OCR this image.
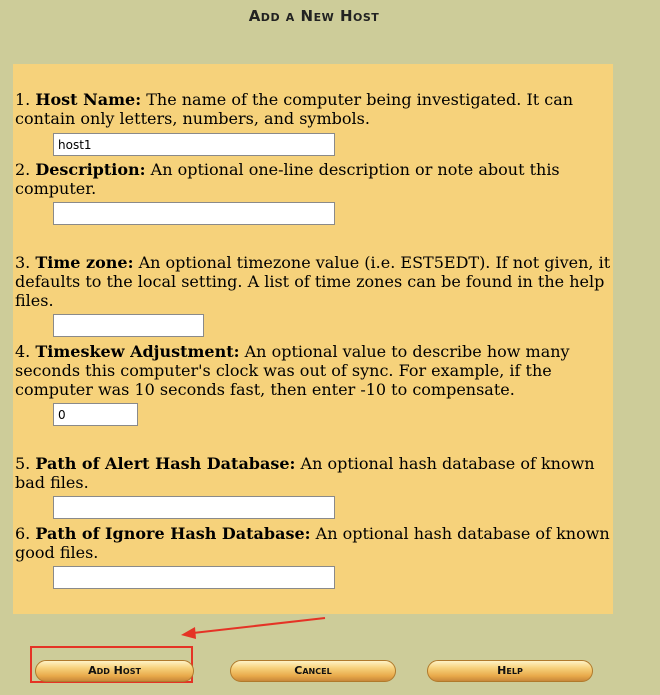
Add a New Host

1. Host Name: The name of the computer being investigated. It can contain only letters, numbers, and symbols.

host1

2. Description: An optional one-line description or note about this computer.

3. Time zone: An optional timezone value (i.e. EST5EDT). If not given, it defaults to the local setting. A list of time zones can be found in the help files.

4. Timeskew Adjustment: An optional value to describe how many seconds this computer's clock was out of sync. For example, if the computer was 10 seconds fast, then enter -10 to compensate.

0

5. Path of Alert Hash Database: An optional hash database of known bad files.

6. Path of Ignore Hash Database: An optional hash database of known good files.

Add Host	Cancel	Help
